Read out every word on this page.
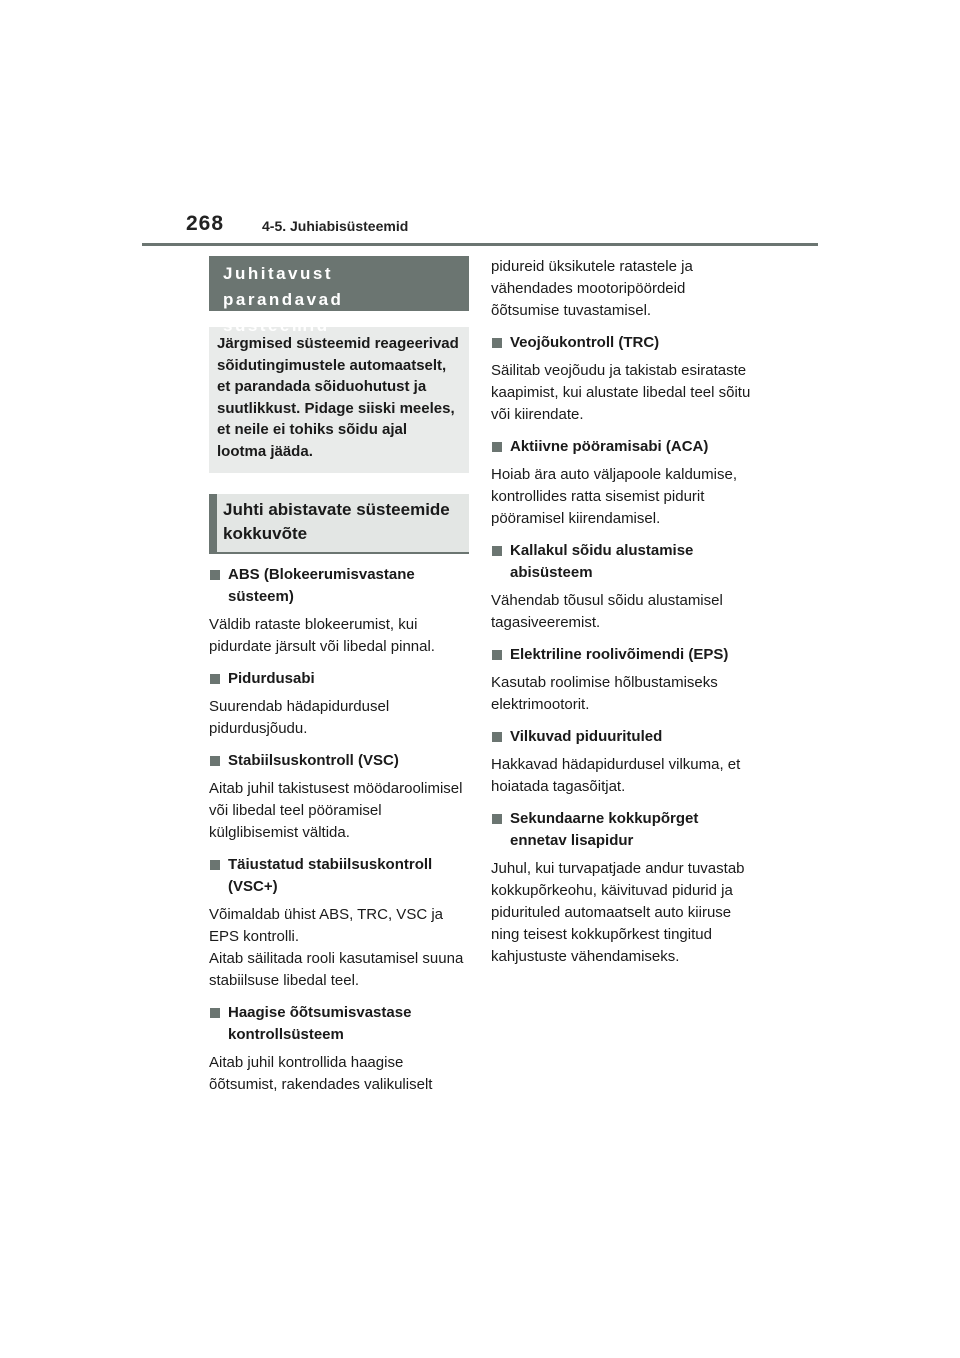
268	4-5. Juhiabisüsteemid
Juhitavust parandavad süsteemid
Järgmised süsteemid reageerivad sõidutingimustele automaatselt, et parandada sõiduohutust ja suutlikkust. Pidage siiski meeles, et neile ei tohiks sõidu ajal lootma jääda.
Juhti abistavate süsteemide kokkuvõte
ABS (Blokeerumisvastane süsteem)
Väldib rataste blokeerumist, kui pidurdate järsult või libedal pinnal.
Pidurdusabi
Suurendab hädapidurdusel pidurdusjõudu.
Stabiilsuskontroll (VSC)
Aitab juhil takistusest möödaroolimisel või libedal teel pööramisel külglibisemist vältida.
Täiustatud stabiilsuskontroll (VSC+)
Võimaldab ühist ABS, TRC, VSC ja EPS kontrolli.
Aitab säilitada rooli kasutamisel suuna stabiilsuse libedal teel.
Haagise õõtsumisvastase kontrollsüsteem
Aitab juhil kontrollida haagise õõtsumist, rakendades valikuliselt
pidureid üksikutele ratastele ja vähendades mootoripöördeid õõtsumise tuvastamisel.
Veojõukontroll (TRC)
Säilitab veojõudu ja takistab esirataste kaapimist, kui alustate libedal teel sõitu või kiirendate.
Aktiivne pööramisabi (ACA)
Hoiab ära auto väljapoole kaldumise, kontrollides ratta sisemist pidurit pööramisel kiirendamisel.
Kallakul sõidu alustamise abisüsteem
Vähendab tõusul sõidu alustamisel tagasiveeremist.
Elektriline roolivõimendi (EPS)
Kasutab roolimise hõlbustamiseks elektrimootorit.
Vilkuvad piduurituled
Hakkavad hädapidurdusel vilkuma, et hoiatada tagasõitjat.
Sekundaarne kokkupõrget ennetav lisapidur
Juhul, kui turvapatjade andur tuvastab kokkupõrkeohu, käivituvad pidurid ja pidurituled automaatselt auto kiiruse ning teisest kokkupõrkest tingitud kahjustuste vähendamiseks.
